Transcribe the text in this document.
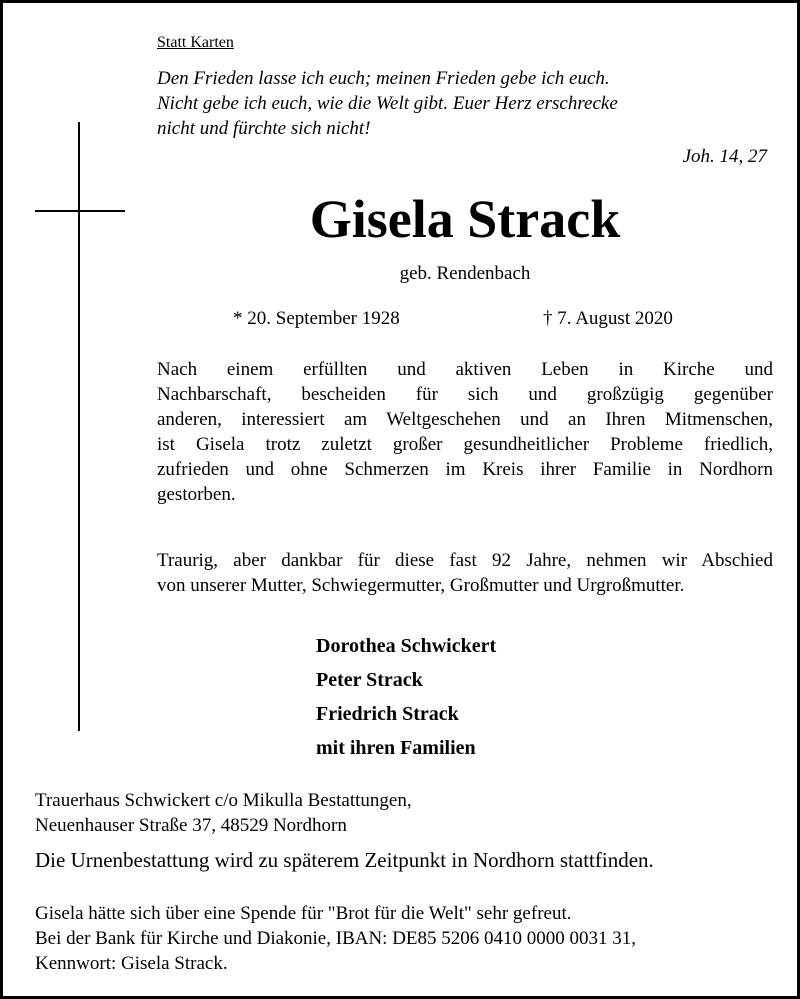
Statt Karten
Den Frieden lasse ich euch; meinen Frieden gebe ich euch.
Nicht gebe ich euch, wie die Welt gibt. Euer Herz erschrecke
nicht und fürchte sich nicht!
Joh. 14, 27
Gisela Strack
geb. Rendenbach
* 20. September 1928	† 7. August 2020
Nach einem erfüllten und aktiven Leben in Kirche und
Nachbarschaft, bescheiden für sich und großzügig gegenüber
anderen, interessiert am Weltgeschehen und an Ihren Mitmenschen,
ist Gisela trotz zuletzt großer gesundheitlicher Probleme friedlich,
zufrieden und ohne Schmerzen im Kreis ihrer Familie in Nordhorn
gestorben.
Traurig, aber dankbar für diese fast 92 Jahre, nehmen wir Abschied
von unserer Mutter, Schwiegermutter, Großmutter und Urgroßmutter.
Dorothea Schwickert
Peter Strack
Friedrich Strack
mit ihren Familien
Trauerhaus Schwickert c/o Mikulla Bestattungen,
Neuenhauser Straße 37, 48529 Nordhorn
Die Urnenbestattung wird zu späterem Zeitpunkt in Nordhorn stattfinden.
Gisela hätte sich über eine Spende für "Brot für die Welt" sehr gefreut.
Bei der Bank für Kirche und Diakonie, IBAN: DE85 5206 0410 0000 0031 31,
Kennwort: Gisela Strack.
